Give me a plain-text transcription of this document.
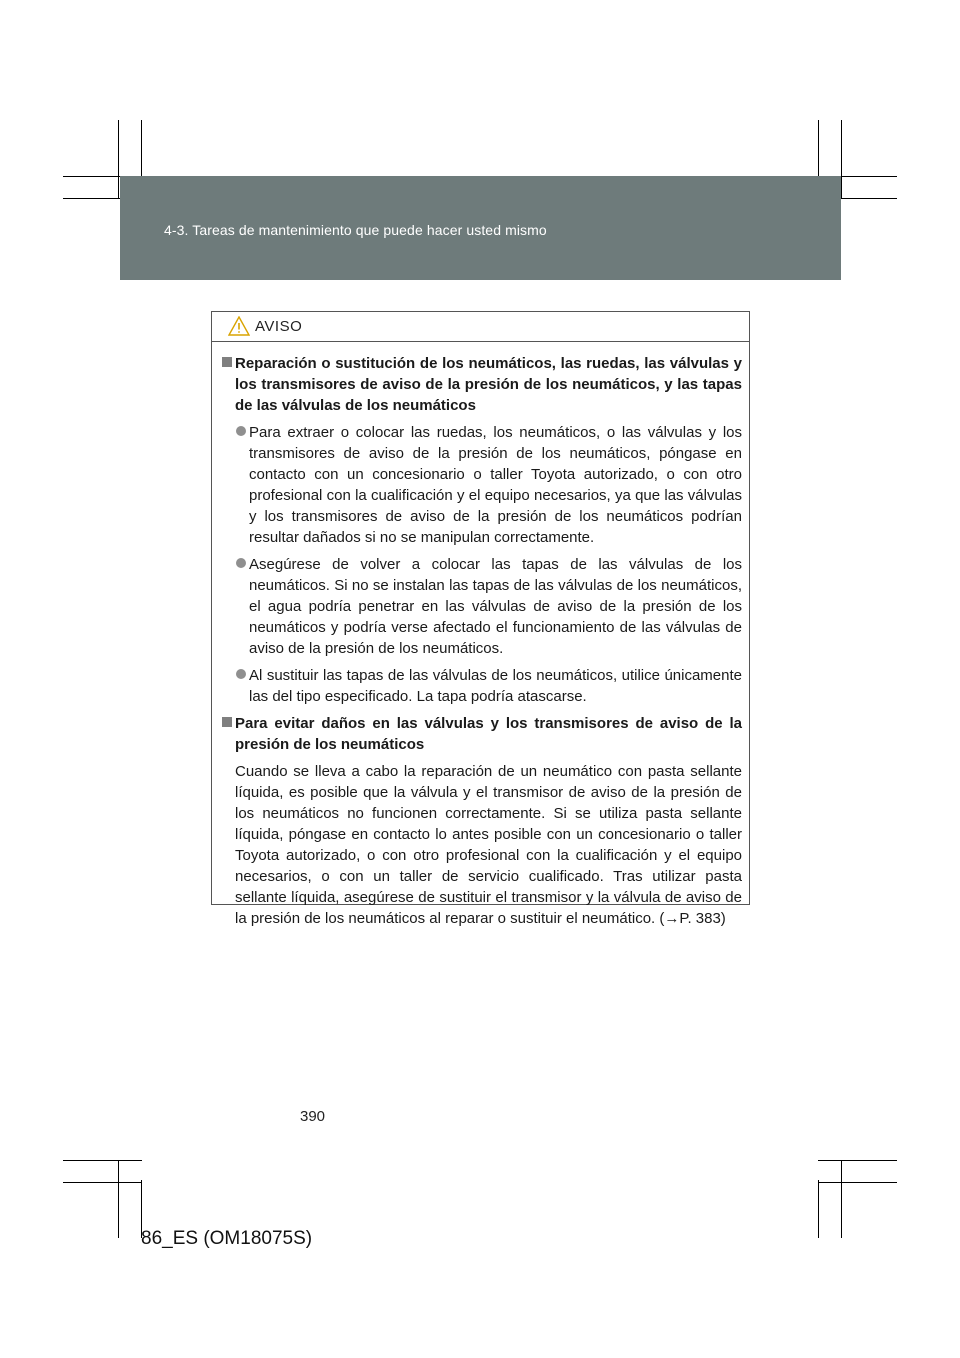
4-3. Tareas de mantenimiento que puede hacer usted mismo
AVISO

Reparación o sustitución de los neumáticos, las ruedas, las válvulas y los transmisores de aviso de la presión de los neumáticos, y las tapas de las válvulas de los neumáticos

Para extraer o colocar las ruedas, los neumáticos, o las válvulas y los transmisores de aviso de la presión de los neumáticos, póngase en contacto con un concesionario o taller Toyota autorizado, o con otro profesional con la cualificación y el equipo necesarios, ya que las válvulas y los transmisores de aviso de la presión de los neumáticos podrían resultar dañados si no se manipulan correctamente.

Asegúrese de volver a colocar las tapas de las válvulas de los neumáticos. Si no se instalan las tapas de las válvulas de los neumáticos, el agua podría penetrar en las válvulas de aviso de la presión de los neumáticos y podría verse afectado el funcionamiento de las válvulas de aviso de la presión de los neumáticos.

Al sustituir las tapas de las válvulas de los neumáticos, utilice únicamente las del tipo especificado. La tapa podría atascarse.

Para evitar daños en las válvulas y los transmisores de aviso de la presión de los neumáticos

Cuando se lleva a cabo la reparación de un neumático con pasta sellante líquida, es posible que la válvula y el transmisor de aviso de la presión de los neumáticos no funcionen correctamente. Si se utiliza pasta sellante líquida, póngase en contacto lo antes posible con un concesionario o taller Toyota autorizado, o con otro profesional con la cualificación y el equipo necesarios, o con un taller de servicio cualificado. Tras utilizar pasta sellante líquida, asegúrese de sustituir el transmisor y la válvula de aviso de la presión de los neumáticos al reparar o sustituir el neumático. (→P. 383)

390
86_ES (OM18075S)
